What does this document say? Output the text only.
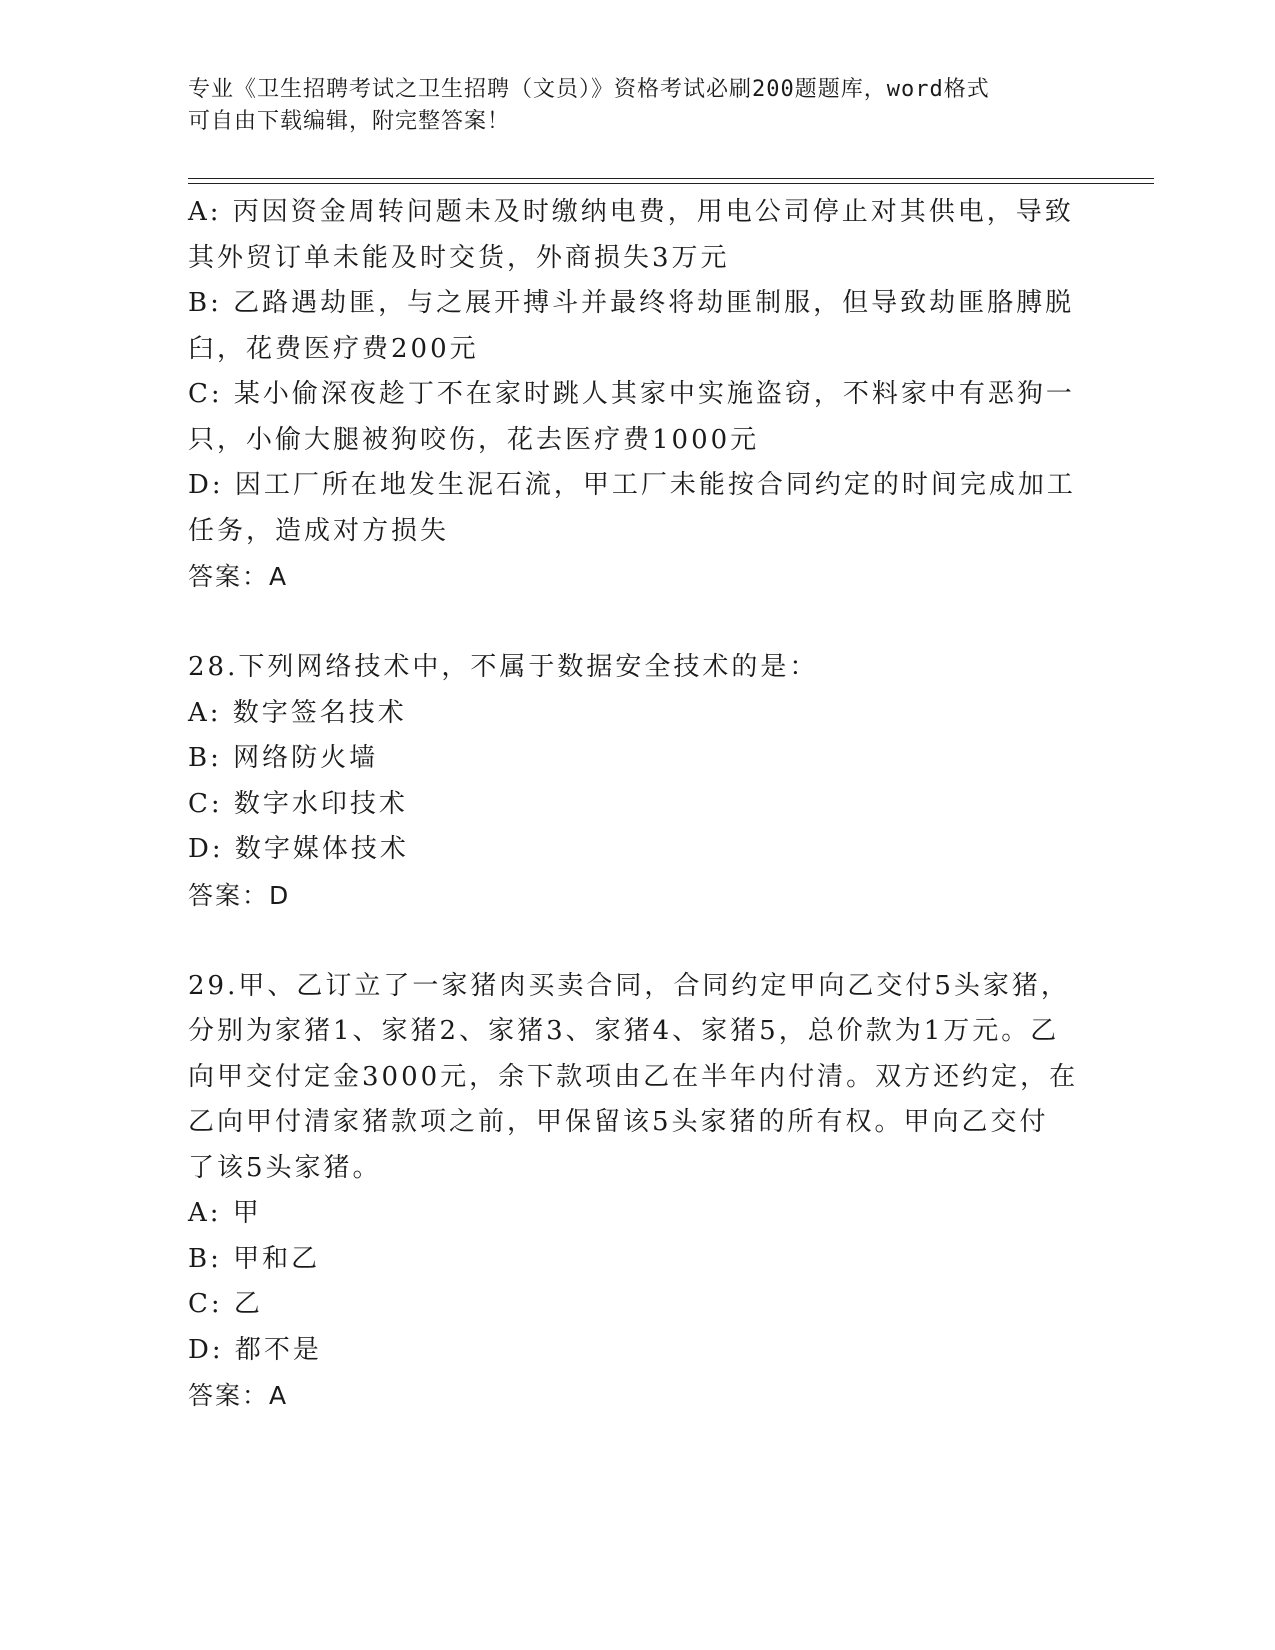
专业《卫生招聘考试之卫生招聘（文员）》资格考试必刷200题题库，word格式
可自由下载编辑，附完整答案！
A: 丙因资金周转问题未及时缴纳电费，用电公司停止对其供电，导致
其外贸订单未能及时交货，外商损失3万元
B: 乙路遇劫匪，与之展开搏斗并最终将劫匪制服，但导致劫匪胳膊脱
臼，花费医疗费200元
C: 某小偷深夜趁丁不在家时跳人其家中实施盗窃，不料家中有恶狗一
只，小偷大腿被狗咬伤，花去医疗费1000元
D: 因工厂所在地发生泥石流，甲工厂未能按合同约定的时间完成加工
任务，造成对方损失
答案：A
28.下列网络技术中，不属于数据安全技术的是：
A: 数字签名技术
B: 网络防火墙
C: 数字水印技术
D: 数字媒体技术
答案：D
29.甲、乙订立了一家猪肉买卖合同，合同约定甲向乙交付5头家猪，
分别为家猪1、家猪2、家猪3、家猪4、家猪5，总价款为1万元。乙
向甲交付定金3000元，余下款项由乙在半年内付清。双方还约定，在
乙向甲付清家猪款项之前，甲保留该5头家猪的所有权。甲向乙交付
了该5头家猪。
A: 甲
B: 甲和乙
C: 乙
D: 都不是
答案：A
